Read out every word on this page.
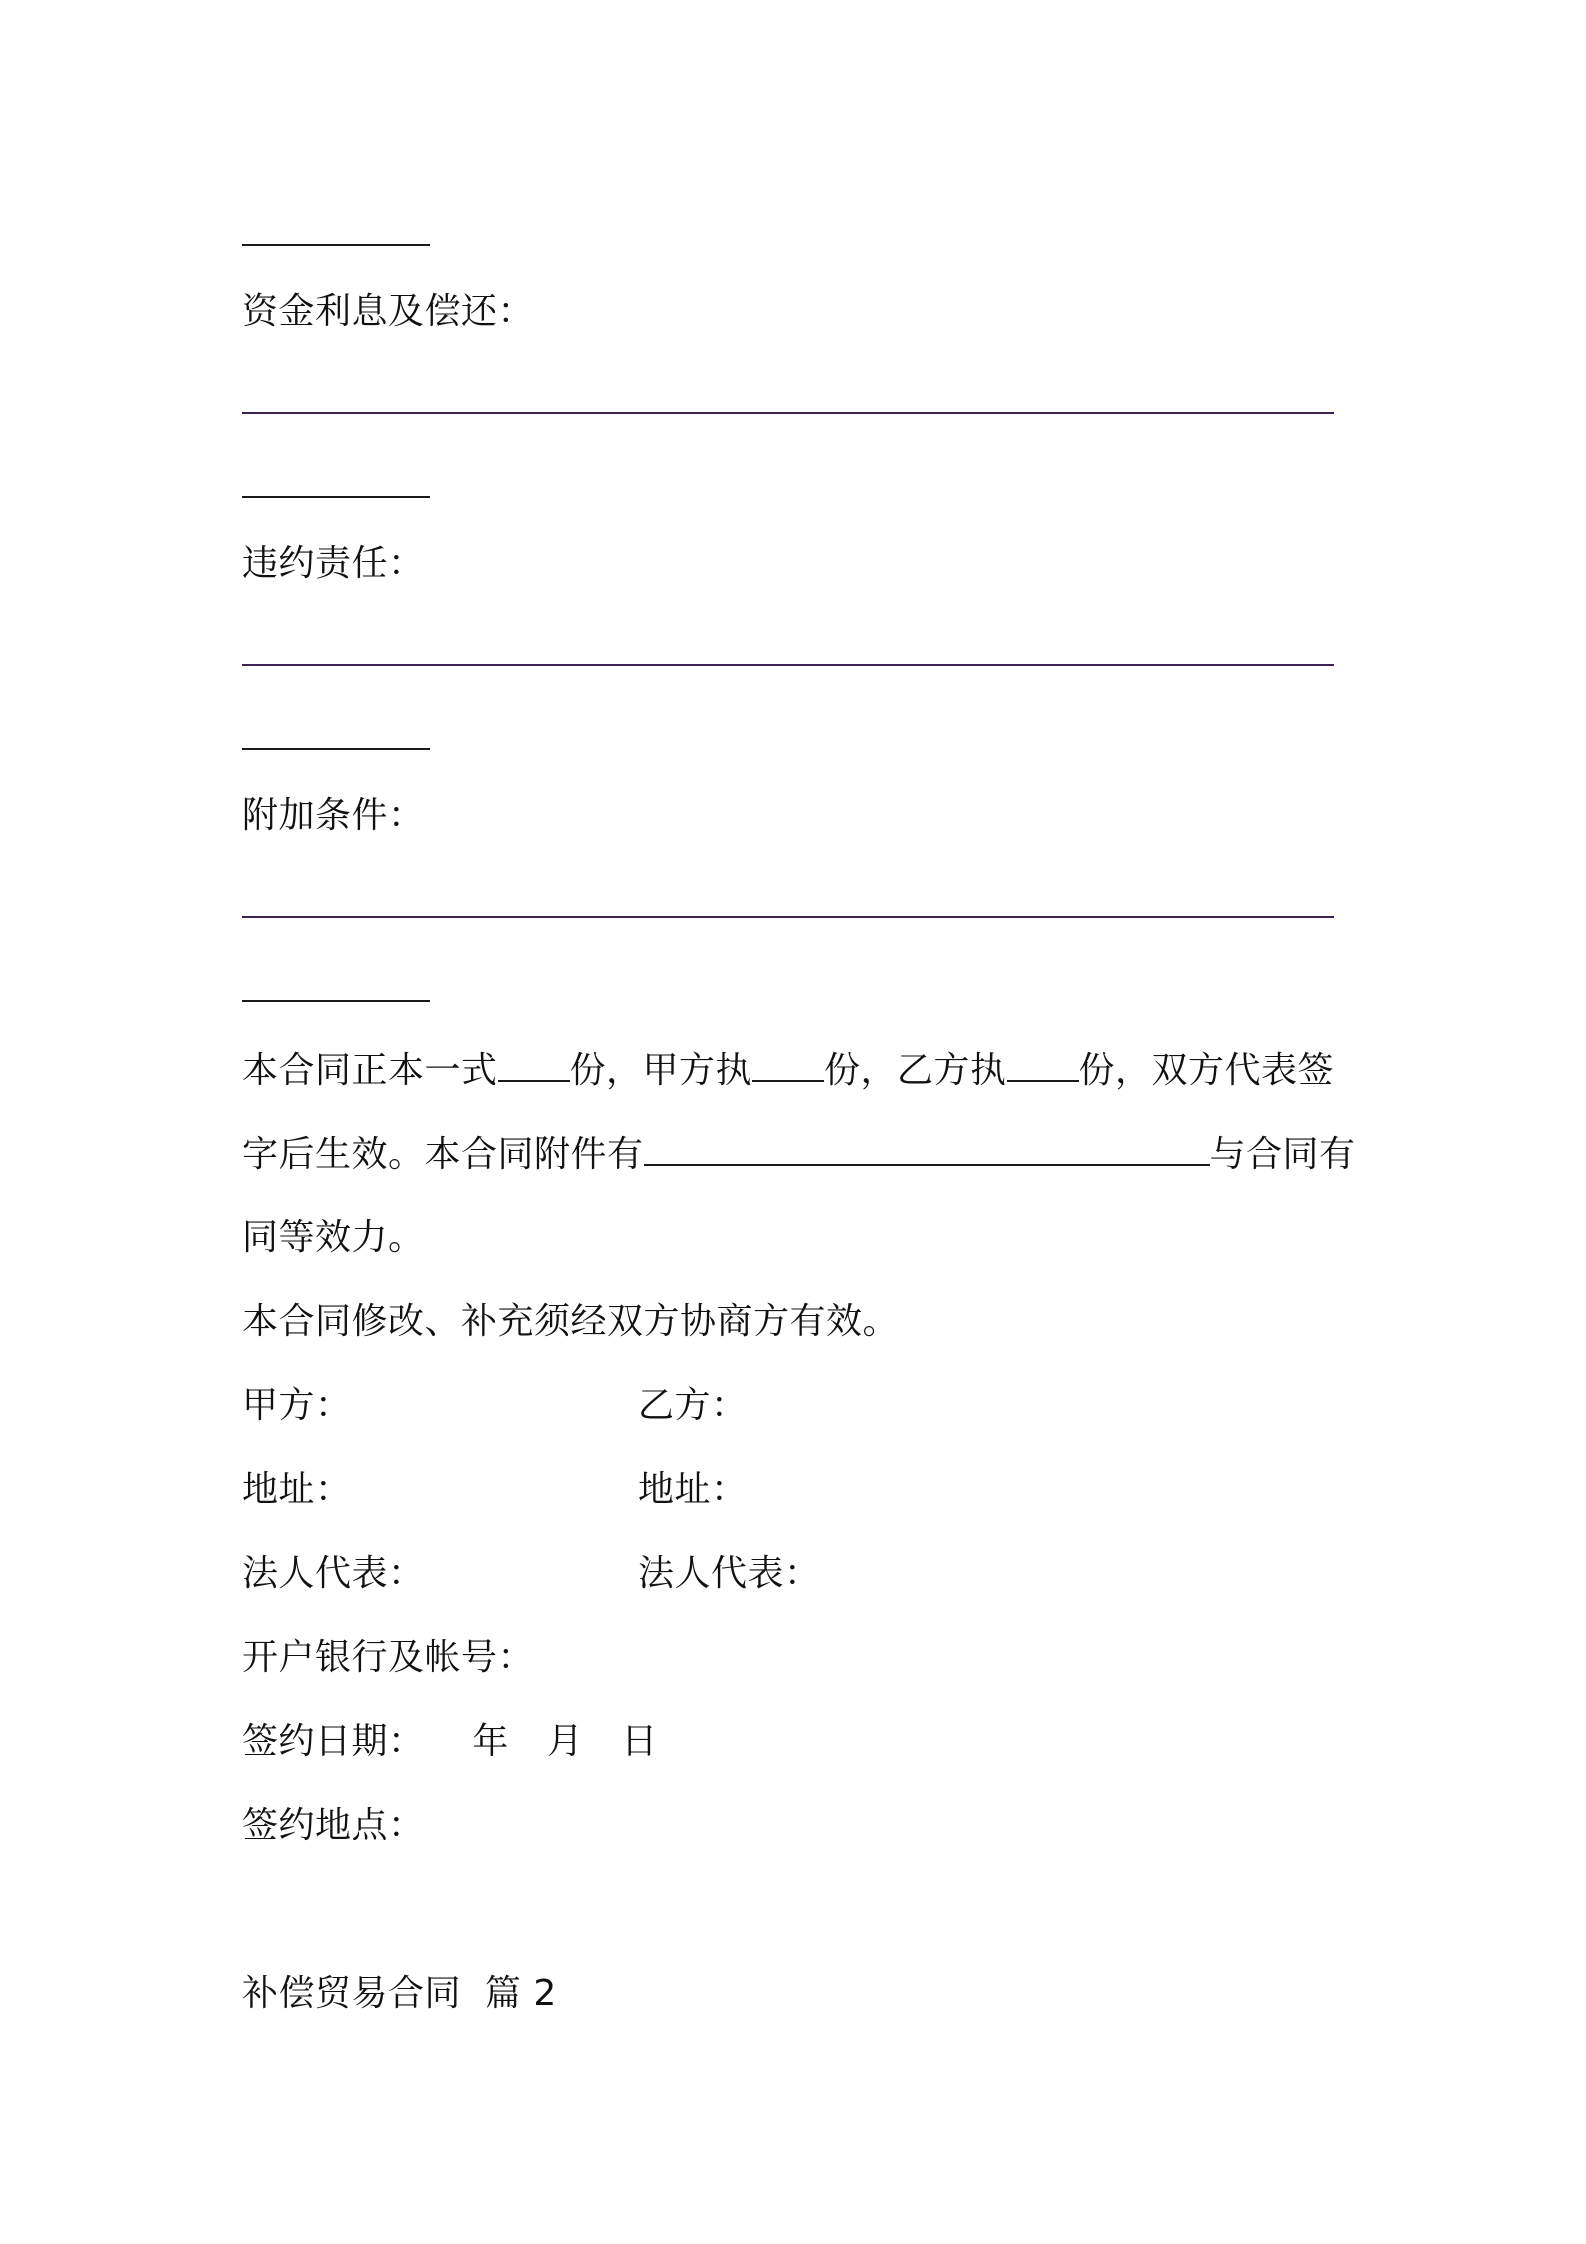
资金利息及偿还：
违约责任：
附加条件：
本合同正本一式 份，甲方执 份，乙方执 份，双方代表签
字后生效。本合同附件有	与合同有
同等效力。
本合同修改、补充须经双方协商方有效。
甲方：	乙方：
地址：	地址：
法人代表：	法人代表：
开户银行及帐号：
签约日期： 年 月 日
签约地点：
补偿贸易合同  篇 2
